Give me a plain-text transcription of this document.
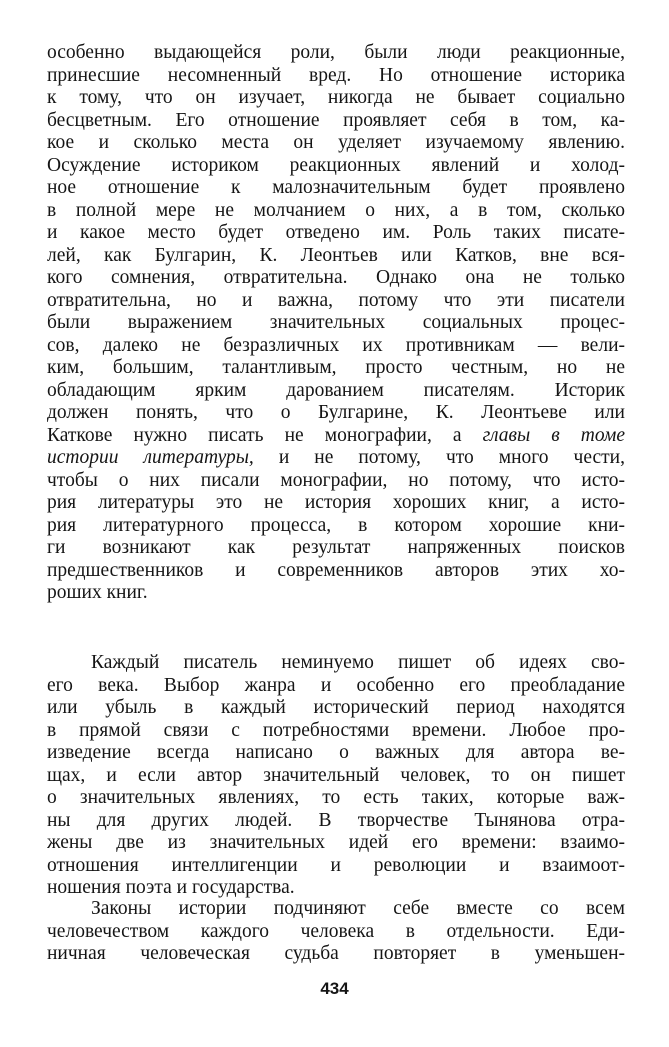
особенно выдающейся роли, были люди реакционные,
принесшие несомненный вред. Но отношение историка
к тому, что он изучает, никогда не бывает социально
бесцветным. Его отношение проявляет себя в том, ка-
кое и сколько места он уделяет изучаемому явлению.
Осуждение историком реакционных явлений и холод-
ное отношение к малозначительным будет проявлено
в полной мере не молчанием о них, а в том, сколько
и какое место будет отведено им. Роль таких писате-
лей, как Булгарин, К. Леонтьев или Катков, вне вся-
кого сомнения, отвратительна. Однако она не только
отвратительна, но и важна, потому что эти писатели
были выражением значительных социальных процес-
сов, далеко не безразличных их противникам — вели-
ким, большим, талантливым, просто честным, но не
обладающим ярким дарованием писателям. Историк
должен понять, что о Булгарине, К. Леонтьеве или
Каткове нужно писать не монографии, а главы в томе
истории литературы, и не потому, что много чести,
чтобы о них писали монографии, но потому, что исто-
рия литературы это не история хороших книг, а исто-
рия литературного процесса, в котором хорошие кни-
ги возникают как результат напряженных поисков
предшественников и современников авторов этих хо-
роших книг.
Каждый писатель неминуемо пишет об идеях сво-
его века. Выбор жанра и особенно его преобладание
или убыль в каждый исторический период находятся
в прямой связи с потребностями времени. Любое про-
изведение всегда написано о важных для автора ве-
щах, и если автор значительный человек, то он пишет
о значительных явлениях, то есть таких, которые важ-
ны для других людей. В творчестве Тынянова отра-
жены две из значительных идей его времени: взаимо-
отношения интеллигенции и революции и взаимоот-
ношения поэта и государства.
Законы истории подчиняют себе вместе со всем
человечеством каждого человека в отдельности. Еди-
ничная человеческая судьба повторяет в уменьшен-
434
